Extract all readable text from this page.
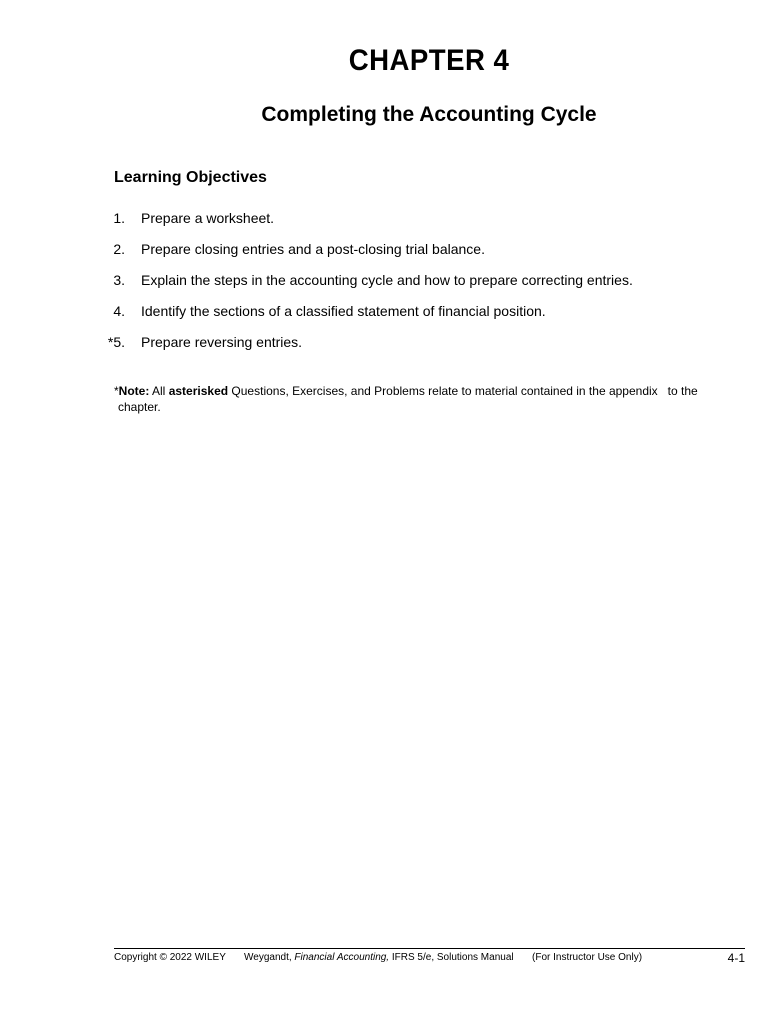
CHAPTER 4
Completing the Accounting Cycle
Learning Objectives
1. Prepare a worksheet.
2. Prepare closing entries and a post-closing trial balance.
3. Explain the steps in the accounting cycle and how to prepare correcting entries.
4. Identify the sections of a classified statement of financial position.
*5. Prepare reversing entries.
*Note: All asterisked Questions, Exercises, and Problems relate to material contained in the appendix   to the
chapter.
Copyright © 2022 WILEY Weygandt, Financial Accounting, IFRS 5/e, Solutions Manual (For Instructor Use Only)	4-1
